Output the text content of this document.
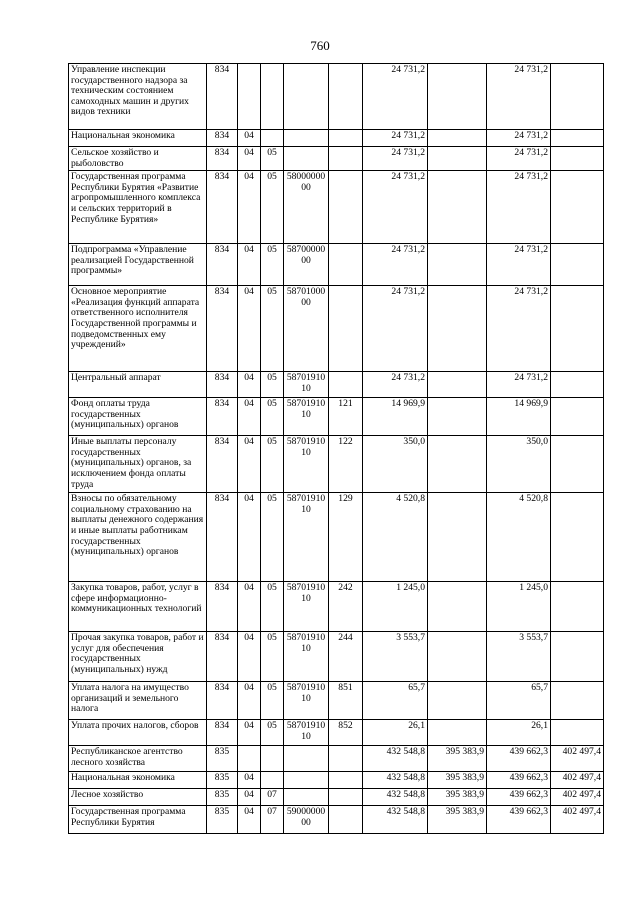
760
Управление инспекции государственного надзора за техническим состоянием самоходных машин и других видов техники	834					24 731,2		24 731,2	
Национальная экономика	834	04				24 731,2		24 731,2	
Сельское хозяйство и рыболовство	834	04	05			24 731,2		24 731,2	
Государственная программа Республики Бурятия «Развитие агропромышленного комплекса и сельских территорий в Республике Бурятия»	834	04	05	5800000000		24 731,2		24 731,2	
Подпрограмма «Управление реализацией Государственной программы»	834	04	05	5870000000		24 731,2		24 731,2	
Основное мероприятие «Реализация функций аппарата ответственного исполнителя Государственной программы и подведомственных ему учреждений»	834	04	05	5870100000		24 731,2		24 731,2	
Центральный аппарат	834	04	05	5870191010		24 731,2		24 731,2	
Фонд оплаты труда государственных (муниципальных) органов	834	04	05	5870191010	121	14 969,9		14 969,9	
Иные выплаты персоналу государственных (муниципальных) органов, за исключением фонда оплаты труда	834	04	05	5870191010	122	350,0		350,0	
Взносы по обязательному социальному страхованию на выплаты денежного содержания и иные выплаты работникам государственных (муниципальных) органов	834	04	05	5870191010	129	4 520,8		4 520,8	
Закупка товаров, работ, услуг в сфере информационно-коммуникационных технологий	834	04	05	5870191010	242	1 245,0		1 245,0	
Прочая закупка товаров, работ и услуг для обеспечения государственных (муниципальных) нужд	834	04	05	5870191010	244	3 553,7		3 553,7	
Уплата налога на имущество организаций и земельного налога	834	04	05	5870191010	851	65,7		65,7	
Уплата прочих налогов, сборов	834	04	05	5870191010	852	26,1		26,1	
Республиканское агентство лесного хозяйства	835					432 548,8	395 383,9	439 662,3	402 497,4
Национальная экономика	835	04				432 548,8	395 383,9	439 662,3	402 497,4
Лесное хозяйство	835	04	07			432 548,8	395 383,9	439 662,3	402 497,4
Государственная программа Республики Бурятия	835	04	07	5900000000		432 548,8	395 383,9	439 662,3	402 497,4
